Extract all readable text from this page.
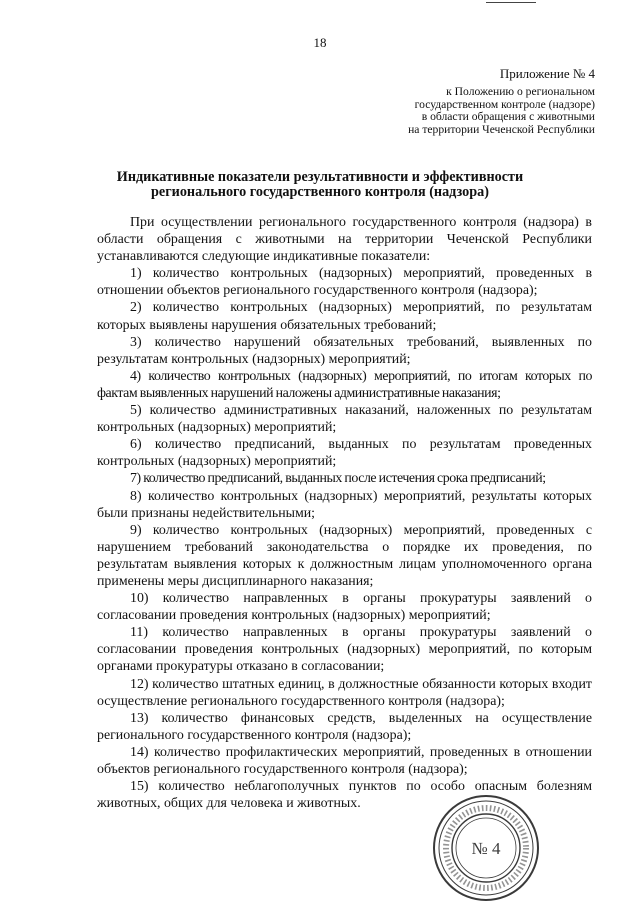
18
Приложение № 4
к Положению о региональном
государственном контроле (надзоре)
в области обращения с животными
на территории Чеченской Республики
Индикативные показатели результативности и эффективности
регионального государственного контроля (надзора)

При осуществлении регионального государственного контроля (надзора) в области обращения с животными на территории Чеченской Республики устанавливаются следующие индикативные показатели:

1) количество контрольных (надзорных) мероприятий, проведенных в отношении объектов регионального государственного контроля (надзора);

2) количество контрольных (надзорных) мероприятий, по результатам которых выявлены нарушения обязательных требований;

3) количество нарушений обязательных требований, выявленных по результатам контрольных (надзорных) мероприятий;

4) количество контрольных (надзорных) мероприятий, по итогам которых по фактам выявленных нарушений наложены административные наказания;

5) количество административных наказаний, наложенных по результатам контрольных (надзорных) мероприятий;

6) количество предписаний, выданных по результатам проведенных контрольных (надзорных) мероприятий;

7) количество предписаний, выданных после истечения срока предписаний;

8) количество контрольных (надзорных) мероприятий, результаты которых были признаны недействительными;

9) количество контрольных (надзорных) мероприятий, проведенных с нарушением требований законодательства о порядке их проведения, по результатам выявления которых к должностным лицам уполномоченного органа применены меры дисциплинарного наказания;

10) количество направленных в органы прокуратуры заявлений о согласовании проведения контрольных (надзорных) мероприятий;

11) количество направленных в органы прокуратуры заявлений о согласовании проведения контрольных (надзорных) мероприятий, по которым органами прокуратуры отказано в согласовании;

12) количество штатных единиц, в должностные обязанности которых входит осуществление регионального государственного контроля (надзора);

13) количество финансовых средств, выделенных на осуществление регионального государственного контроля (надзора);

14) количество профилактических мероприятий, проведенных в отношении объектов регионального государственного контроля (надзора);

15) количество неблагополучных пунктов по особо опасным болезням животных, общих для человека и животных.

№ 4
